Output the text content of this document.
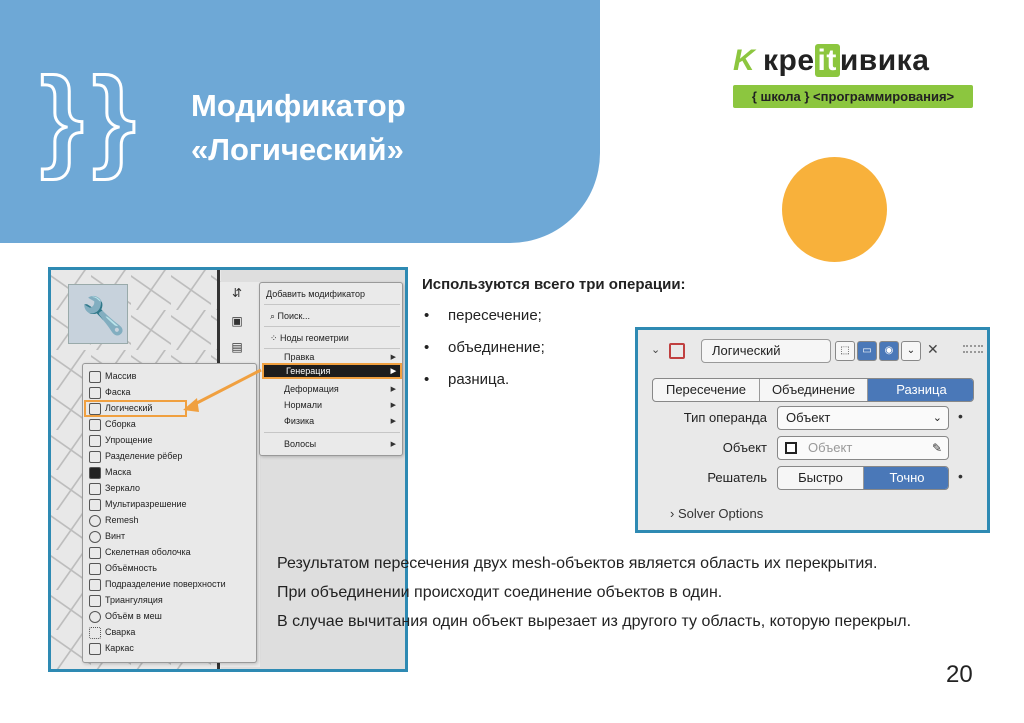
} } Модификатор
«Логический»
K кре it ивика
{ школа } <программирования>
🔧
⇵
▣
▤
Массив
Фаска
Логический
Сборка
Упрощение
Разделение рёбер
Маска
Зеркало
Мультиразрешение
Remesh
Винт
Скелетная оболочка
Объёмность
Подразделение поверхности
Триангуляция
Объём в меш
Сварка
Каркас
Добавить модификатор
⌕ Поиск...
⁘ Ноды геометрии
Правка	▶
Генерация	▶
Деформация	▶
Нормали	▶
Физика	▶
Волосы	▶
Используются всего три операции:
• пересечение;
• объединение;
• разница.
⌄	Логический	⬚	▭	◉	⌄ ✕
Пересечение	Объединение	Разница
Тип операнда	Объект	⌄ •
Объект	Объект	✎
Решатель	Быстро	Точно	•
› Solver Options
Результатом пересечения двух mesh-объектов является область их перекрытия.
При объединении происходит соединение объектов в один.
В случае вычитания один объект вырезает из другого ту область, которую перекрыл.
20
